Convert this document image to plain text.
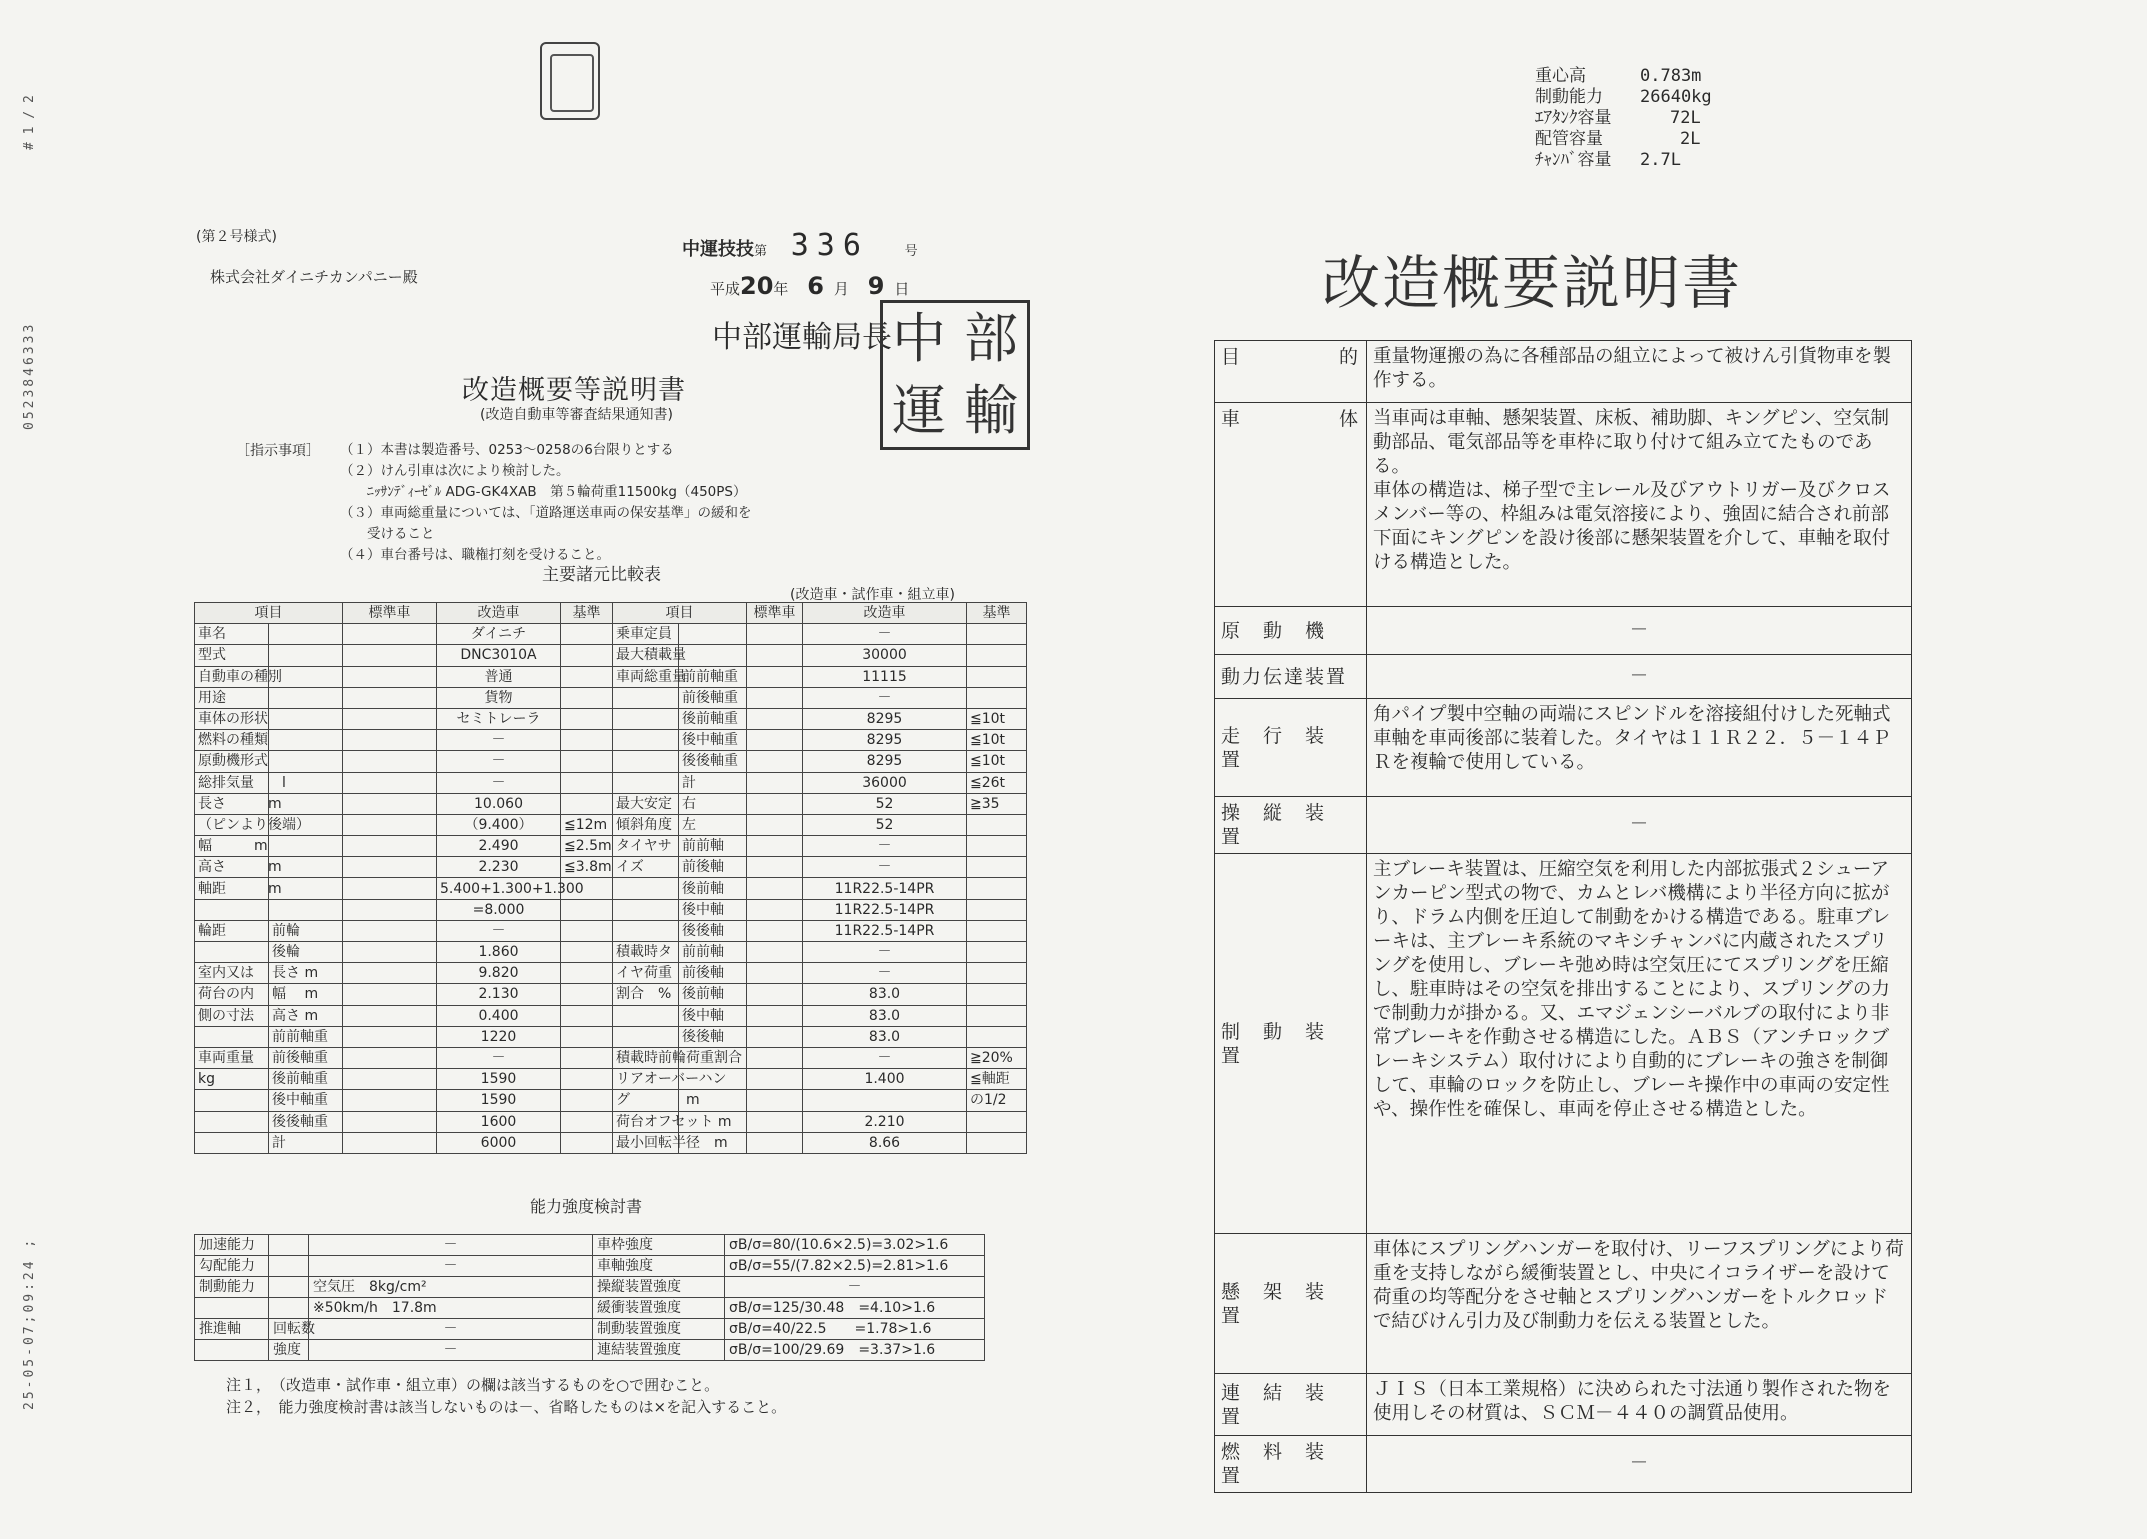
# 1 / 2
0523846333
25-05-07;09:24 ;
重心高	0.783m
制動能力 26640kg
ｴｱﾀﾝｸ容量	72L
配管容量	2L
ﾁｬﾝﾊﾞ容量 2.7L
(第２号様式)
株式会社ダイニチカンパニー殿
中運技技第 336	号
平成20年 6 月 9 日
中部運輸局長 中 部
運 輸
改造概要等説明書
(改造自動車等審査結果通知書)
［指示事項］ （１）本書は製造番号、0253～0258の6台限りとする
（２）けん引車は次により検討した。
　　ﾆｯｻﾝﾃﾞｨｰｾﾞﾙ ADG-GK4XAB　第５輪荷重11500kg（450PS）
（３）車両総重量については、「道路運送車両の保安基準」の緩和を
　　受けること
（４）車台番号は、職権打刻を受けること。
主要諸元比較表
(改造車・試作車・組立車)
項目		標準車	改造車	基準	項目		標準車	改造車	基準
車名			ダイニチ		乗車定員			－	
型式			DNC3010A		最大積載量			30000	
自動車の種別			普通		車両総重量	前前軸重		11115	
用途			貨物			前後軸重		－	
車体の形状			セミトレーラ			後前軸重		8295	≦10t
燃料の種類			－			後中軸重		8295	≦10t
原動機形式			－			後後軸重		8295	≦10t
総排気量　　l			－			計		36000	≦26t
長さ　　　m			10.060		最大安定	右		52	≧35
（ピンより後端）			（9.400）	≦12m	傾斜角度	左		52	
幅　　　m			2.490	≦2.5m	タイヤサ	前前軸		－	
高さ　　　m			2.230	≦3.8m	イズ	前後軸		－	
軸距　　　m			5.400+1.300+1.300			後前軸		11R22.5-14PR	
			=8.000			後中軸		11R22.5-14PR	
輪距	前輪		－			後後軸		11R22.5-14PR	
	後輪		1.860		積載時タ	前前軸		－	
室内又は	長さ m		9.820		イヤ荷重	前後軸		－	
荷台の内	幅　 m		2.130		割合　%	後前軸		83.0	
側の寸法	高さ m		0.400			後中軸		83.0	
	前前軸重		1220			後後軸		83.0	
車両重量	前後軸重		－		積載時前輪荷重割合			－	≧20%
kg	後前軸重		1590		リアオーバーハン			1.400	≦軸距
	後中軸重		1590		グ　　　　m				の1/2
	後後軸重		1600		荷台オフセット m			2.210	
	計		6000		最小回転半径　m			8.66	
能力強度検討書
加速能力		－	車枠強度	σB/σ=80/(10.6×2.5)=3.02>1.6
勾配能力		－	車軸強度	σB/σ=55/(7.82×2.5)=2.81>1.6
制動能力		空気圧　8kg/cm²	操縦装置強度	－
		※50km/h　17.8m	緩衝装置強度	σB/σ=125/30.48　=4.10>1.6
推進軸	回転数	－	制動装置強度	σB/σ=40/22.5　　=1.78>1.6
	強度	－	連結装置強度	σB/σ=100/29.69　=3.37>1.6
注１，　（改造車・試作車・組立車）の欄は該当するものを○で囲むこと。
注２，　能力強度検討書は該当しないものは－、省略したものは×を記入すること。
改造概要説明書
目 的	重量物運搬の為に各種部品の組立によって被けん引貨物車を製作する。

車 体	当車両は車軸、懸架装置、床板、補助脚、キングピン、空気制動部品、電気部品等を車枠に取り付けて組み立てたものである。
車体の構造は、梯子型で主レール及びアウトリガー及びクロスメンバー等の、枠組みは電気溶接により、強固に結合され前部下面にキングピンを設け後部に懸架装置を介して、車軸を取付ける構造とした。
原　動　機	－
動力伝達装置	－
走　行　装　置	角パイプ製中空軸の両端にスピンドルを溶接組付けした死軸式車軸を車両後部に装着した。タイヤは１１Ｒ２２．５－１４ＰＲを複輪で使用している。
操　縦　装　置	－
制　動　装　置	主ブレーキ装置は、圧縮空気を利用した内部拡張式２シューアンカーピン型式の物で、カムとレバ機構により半径方向に拡がり、ドラム内側を圧迫して制動をかける構造である。駐車ブレーキは、主ブレーキ系統のマキシチャンバに内蔵されたスプリングを使用し、ブレーキ弛め時は空気圧にてスプリングを圧縮し、駐車時はその空気を排出することにより、スプリングの力で制動力が掛かる。又、エマジェンシーバルブの取付により非常ブレーキを作動させる構造にした。ＡＢＳ（アンチロックブレーキシステム）取付けにより自動的にブレーキの強さを制御して、車輪のロックを防止し、ブレーキ操作中の車両の安定性や、操作性を確保し、車両を停止させる構造とした。
懸　架　装　置	車体にスプリングハンガーを取付け、リーフスプリングにより荷重を支持しながら緩衝装置とし、中央にイコライザーを設けて荷重の均等配分をさせ軸とスプリングハンガーをトルクロッドで結びけん引力及び制動力を伝える装置とした。
連　結　装　置	ＪＩＳ（日本工業規格）に決められた寸法通り製作された物を使用しその材質は、ＳＣＭ－４４０の調質品使用。
燃　料　装　置	－
